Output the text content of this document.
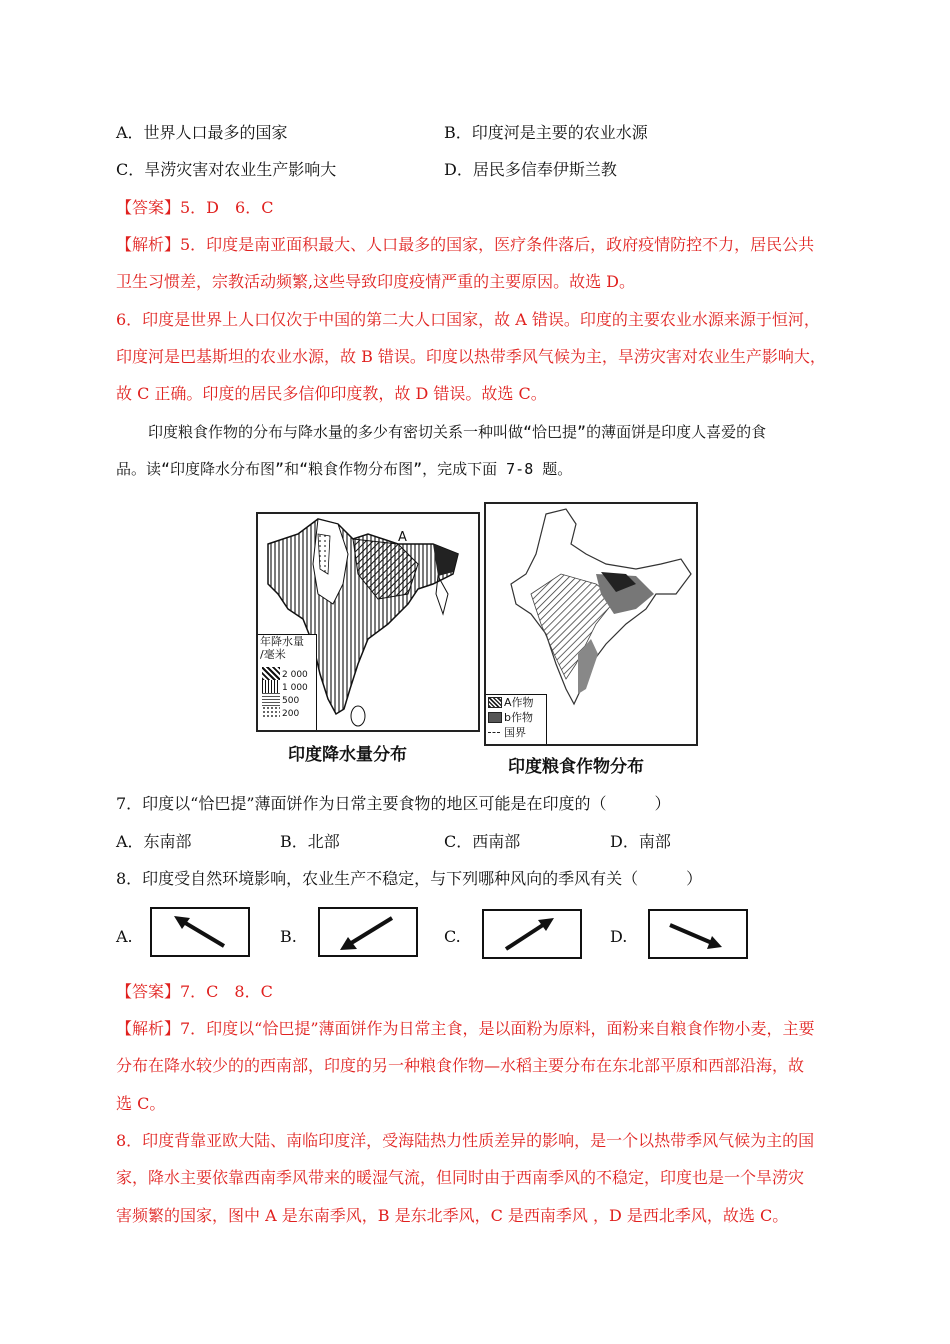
A．世界人口最多的国家	B．印度河是主要的农业水源
C．旱涝灾害对农业生产影响大	D．居民多信奉伊斯兰教
【答案】5．D　6．C
【解析】5．印度是南亚面积最大、人口最多的国家，医疗条件落后，政府疫情防控不力，居民公共
卫生习惯差，宗教活动频繁,这些导致印度疫情严重的主要原因。故选 D。
6．印度是世界上人口仅次于中国的第二大人口国家，故 A 错误。印度的主要农业水源来源于恒河，
印度河是巴基斯坦的农业水源，故 B 错误。印度以热带季风气候为主，旱涝灾害对农业生产影响大，
故 C 正确。印度的居民多信仰印度教，故 D 错误。故选 C。
印度粮食作物的分布与降水量的多少有密切关系一种叫做“恰巴提”的薄面饼是印度人喜爱的食
品。读“印度降水分布图”和“粮食作物分布图”，完成下面 7-8 题。
A
年降水量
/毫米
2 000
1 000
500
200
印度降水量分布
A作物
b作物
国界
印度粮食作物分布
7．印度以“恰巴提”薄面饼作为日常主要食物的地区可能是在印度的（　　　）
A．东南部	B．北部	C．西南部	D．南部
8．印度受自然环境影响，农业生产不稳定，与下列哪种风向的季风有关（　　　）
A.	B.	C.	D.
【答案】7．C　8．C
【解析】7．印度以“恰巴提”薄面饼作为日常主食，是以面粉为原料，面粉来自粮食作物小麦，主要
分布在降水较少的的西南部，印度的另一种粮食作物—水稻主要分布在东北部平原和西部沿海，故
选 C。
8．印度背靠亚欧大陆、南临印度洋，受海陆热力性质差异的影响，是一个以热带季风气候为主的国
家，降水主要依靠西南季风带来的暖湿气流，但同时由于西南季风的不稳定，印度也是一个旱涝灾
害频繁的国家，图中 A 是东南季风，B 是东北季风，C 是西南季风 ，D 是西北季风，故选 C。
